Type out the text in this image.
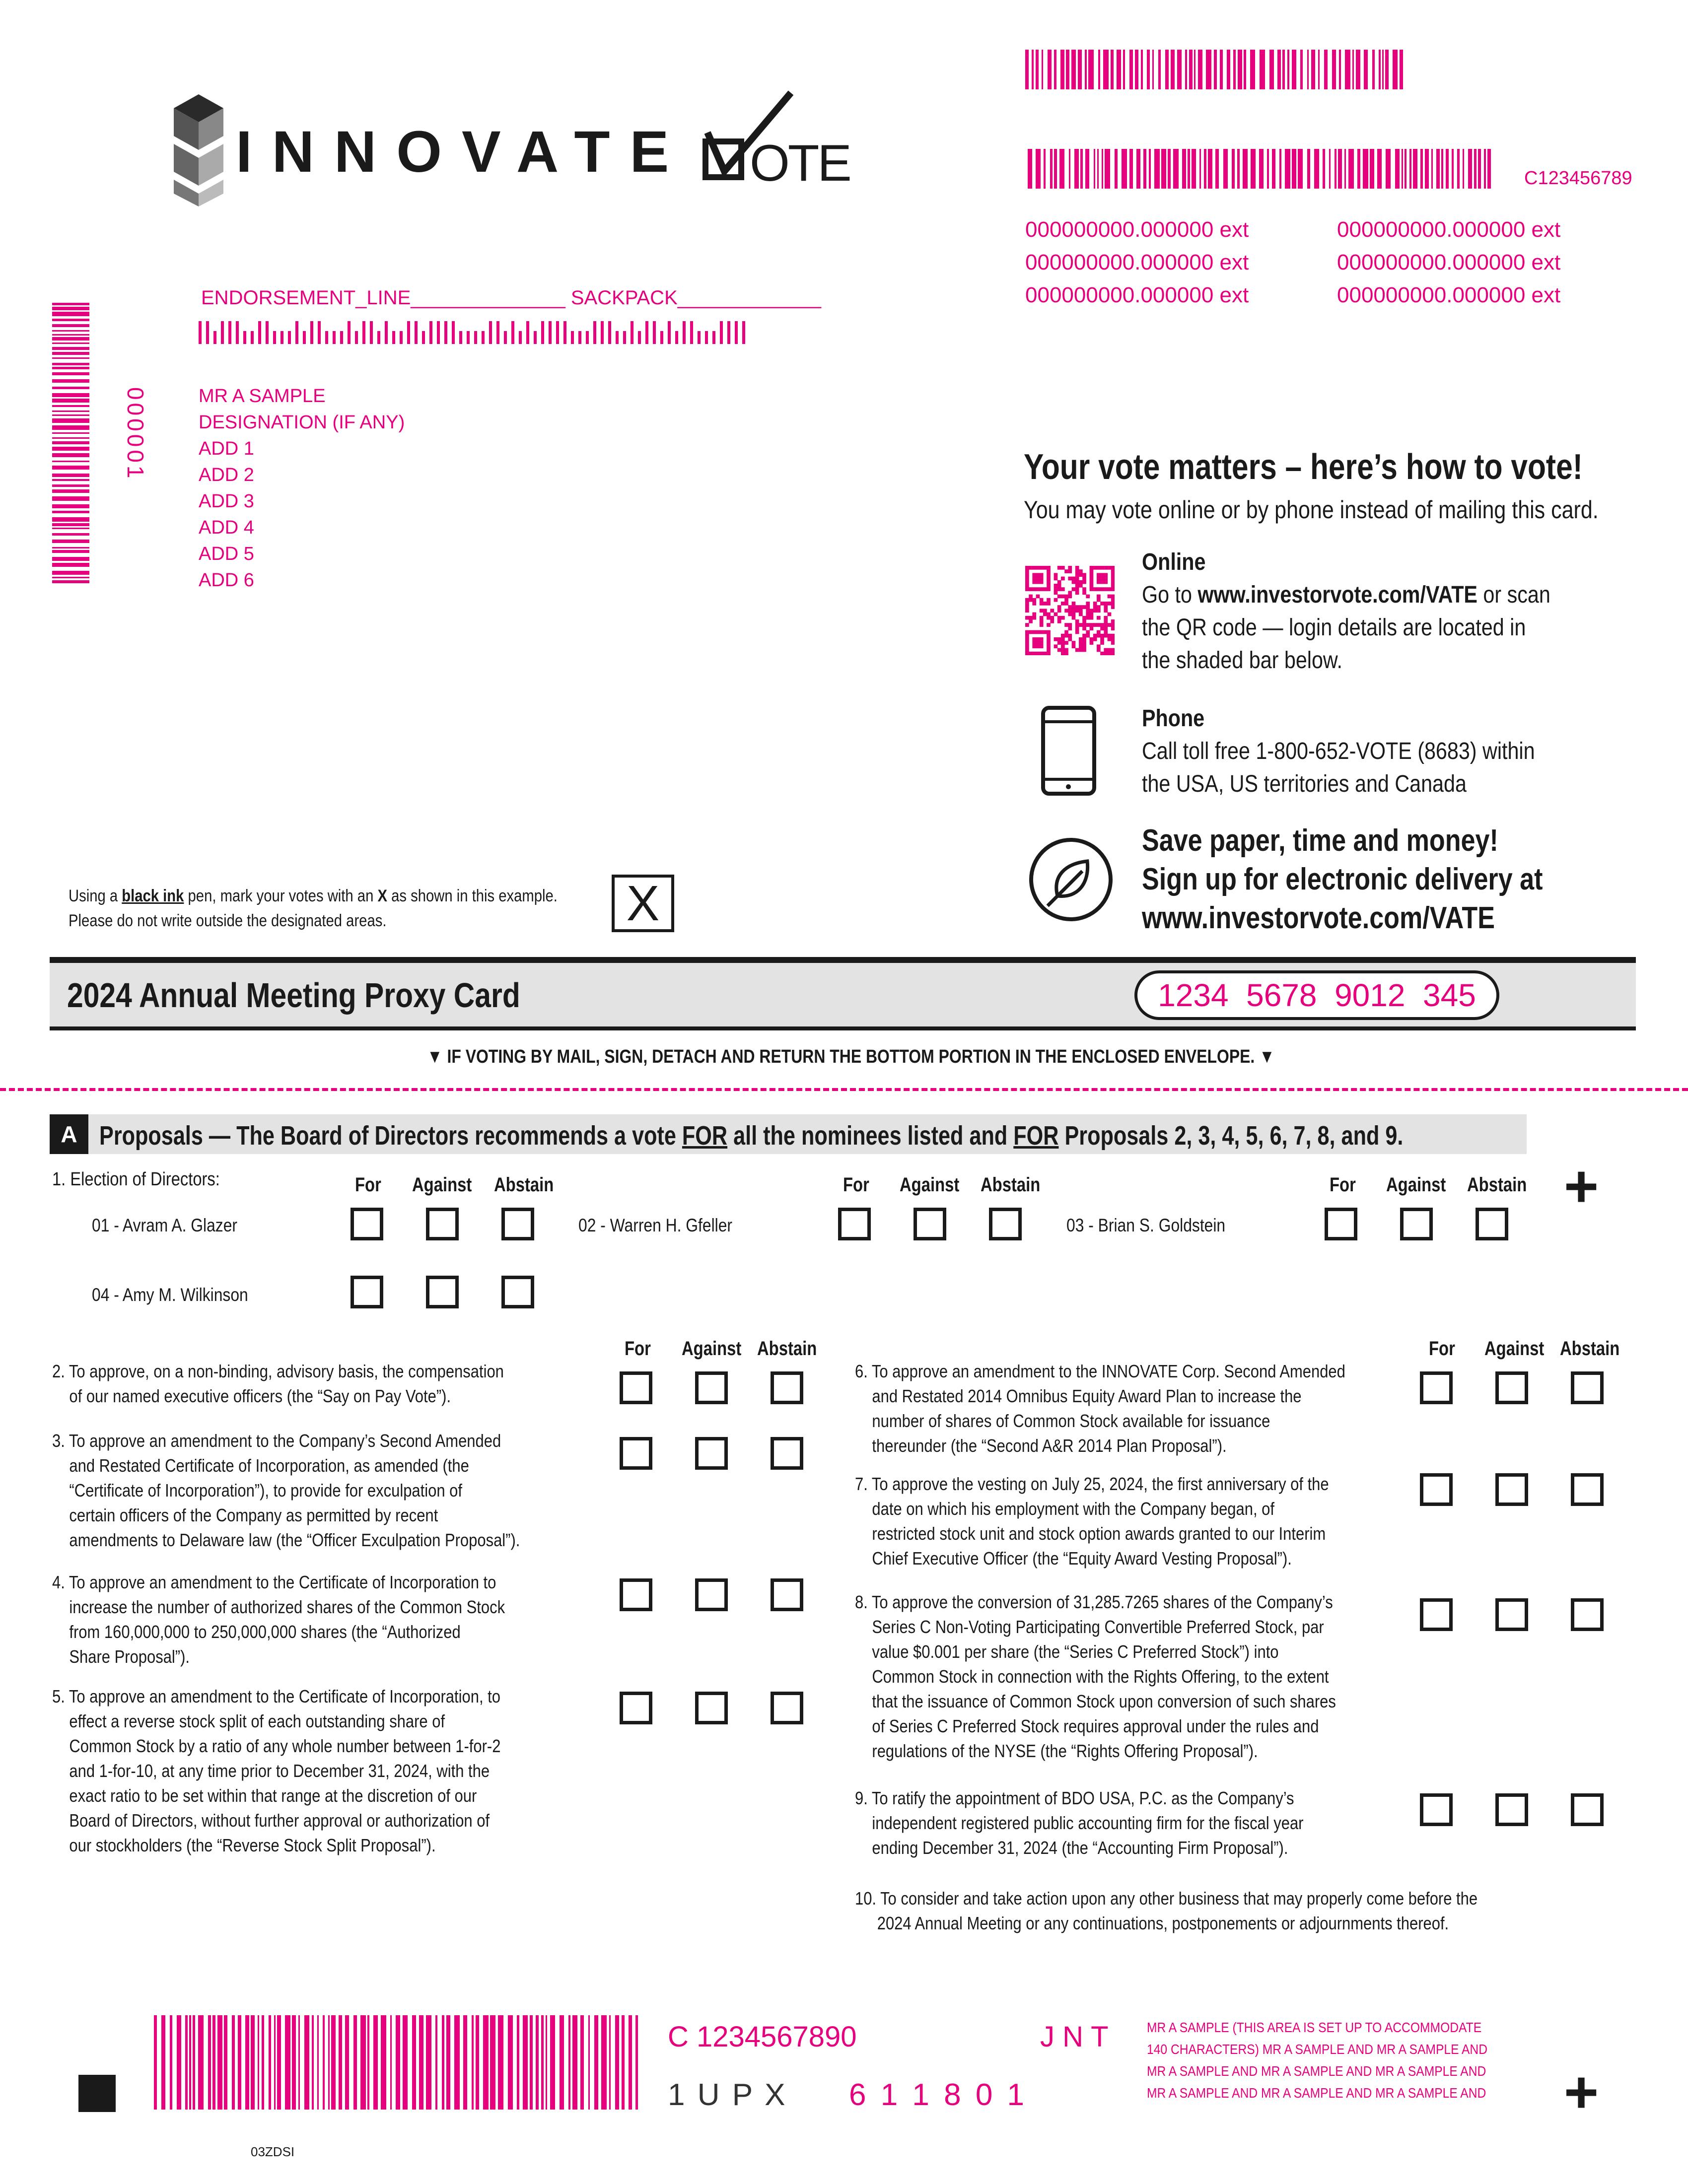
INNOVATE OTE	C123456789
000000000.000000 ext
000000000.000000 ext
000000000.000000 ext
000000000.000000 ext
000000000.000000 ext
000000000.000000 ext
ENDORSEMENT_LINE______________ SACKPACK_____________
000001	MR A SAMPLE
DESIGNATION (IF ANY)
ADD 1
ADD 2
ADD 3
ADD 4
ADD 5
ADD 6
Your vote matters – here’s how to vote!
You may vote online or by phone instead of mailing this card.
Online
Go to www.investorvote.com/VATE or scan
the QR code — login details are located in
the shaded bar below.
Phone
Call toll free 1-800-652-VOTE (8683) within
the USA, US territories and Canada
Save paper, time and money!
Sign up for electronic delivery at
www.investorvote.com/VATE
Using a black ink pen, mark your votes with an X as shown in this example.
Please do not write outside the designated areas.	X
2024 Annual Meeting Proxy Card	1234  5678  9012  345
▼ IF VOTING BY MAIL, SIGN, DETACH AND RETURN THE BOTTOM PORTION IN THE ENCLOSED ENVELOPE. ▼
A Proposals — The Board of Directors recommends a vote FOR all the nominees listed and FOR Proposals 2, 3, 4, 5, 6, 7, 8, and 9.
1. Election of Directors:	For Against Abstain	For Against Abstain	For Against Abstain
01 - Avram A. Glazer	02 - Warren H. Gfeller	03 - Brian S. Goldstein
04 - Amy M. Wilkinson
+
For Against Abstain	For Against Abstain
2. To approve, on a non-binding, advisory basis, the compensation
of our named executive officers (the “Say on Pay Vote”).
3. To approve an amendment to the Company’s Second Amended
and Restated Certificate of Incorporation, as amended (the
“Certificate of Incorporation”), to provide for exculpation of
certain officers of the Company as permitted by recent
amendments to Delaware law (the “Officer Exculpation Proposal”).
4. To approve an amendment to the Certificate of Incorporation to
increase the number of authorized shares of the Common Stock
from 160,000,000 to 250,000,000 shares (the “Authorized
Share Proposal”).
5. To approve an amendment to the Certificate of Incorporation, to
effect a reverse stock split of each outstanding share of
Common Stock by a ratio of any whole number between 1-for-2
and 1-for-10, at any time prior to December 31, 2024, with the
exact ratio to be set within that range at the discretion of our
Board of Directors, without further approval or authorization of
our stockholders (the “Reverse Stock Split Proposal”).
6. To approve an amendment to the INNOVATE Corp. Second Amended
and Restated 2014 Omnibus Equity Award Plan to increase the
number of shares of Common Stock available for issuance
thereunder (the “Second A&R 2014 Plan Proposal”).
7. To approve the vesting on July 25, 2024, the first anniversary of the
date on which his employment with the Company began, of
restricted stock unit and stock option awards granted to our Interim
Chief Executive Officer (the “Equity Award Vesting Proposal”).
8. To approve the conversion of 31,285.7265 shares of the Company’s
Series C Non-Voting Participating Convertible Preferred Stock, par
value $0.001 per share (the “Series C Preferred Stock”) into
Common Stock in connection with the Rights Offering, to the extent
that the issuance of Common Stock upon conversion of such shares
of Series C Preferred Stock requires approval under the rules and
regulations of the NYSE (the “Rights Offering Proposal”).
9. To ratify the appointment of BDO USA, P.C. as the Company’s
independent registered public accounting firm for the fiscal year
ending December 31, 2024 (the “Accounting Firm Proposal”).
10. To consider and take action upon any other business that may properly come before the
2024 Annual Meeting or any continuations, postponements or adjournments thereof.
C 1234567890	J N T
1 U P X 6 1 1 8 0 1
MR A SAMPLE (THIS AREA IS SET UP TO ACCOMMODATE
140 CHARACTERS) MR A SAMPLE AND MR A SAMPLE AND
MR A SAMPLE AND MR A SAMPLE AND MR A SAMPLE AND
MR A SAMPLE AND MR A SAMPLE AND MR A SAMPLE AND +
03ZDSI
